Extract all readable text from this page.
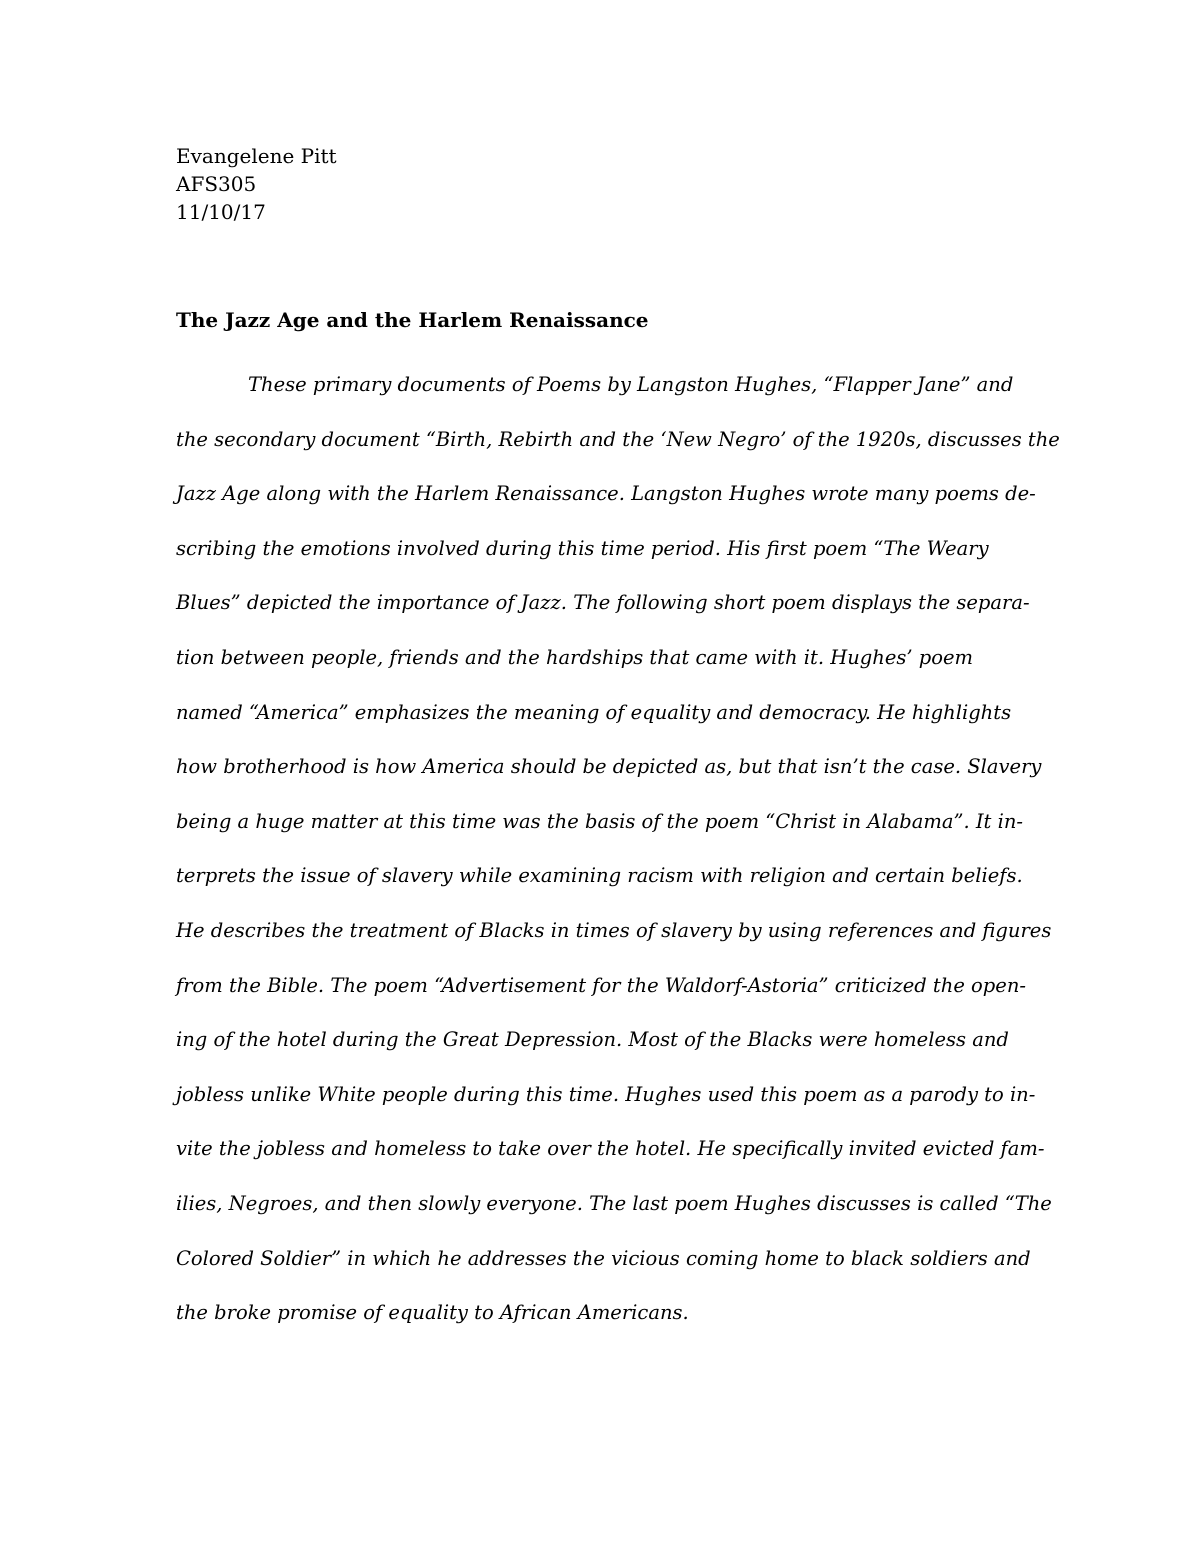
Evangelene Pitt
AFS305
11/10/17
The Jazz Age and the Harlem Renaissance
These primary documents of Poems by Langston Hughes, “Flapper Jane” and
the secondary document “Birth, Rebirth and the ‘New Negro’ of the 1920s, discusses the
Jazz Age along with the Harlem Renaissance. Langston Hughes wrote many poems de-
scribing the emotions involved during this time period. His first poem “The Weary
Blues” depicted the importance of Jazz. The following short poem displays the separa-
tion between people, friends and the hardships that came with it. Hughes’ poem
named “America” emphasizes the meaning of equality and democracy. He highlights
how brotherhood is how America should be depicted as, but that isn’t the case. Slavery
being a huge matter at this time was the basis of the poem “Christ in Alabama”. It in-
terprets the issue of slavery while examining racism with religion and certain beliefs.
He describes the treatment of Blacks in times of slavery by using references and figures
from the Bible. The poem “Advertisement for the Waldorf-Astoria” criticized the open-
ing of the hotel during the Great Depression. Most of the Blacks were homeless and
jobless unlike White people during this time. Hughes used this poem as a parody to in-
vite the jobless and homeless to take over the hotel. He specifically invited evicted fam-
ilies, Negroes, and then slowly everyone. The last poem Hughes discusses is called “The
Colored Soldier” in which he addresses the vicious coming home to black soldiers and
the broke promise of equality to African Americans.
